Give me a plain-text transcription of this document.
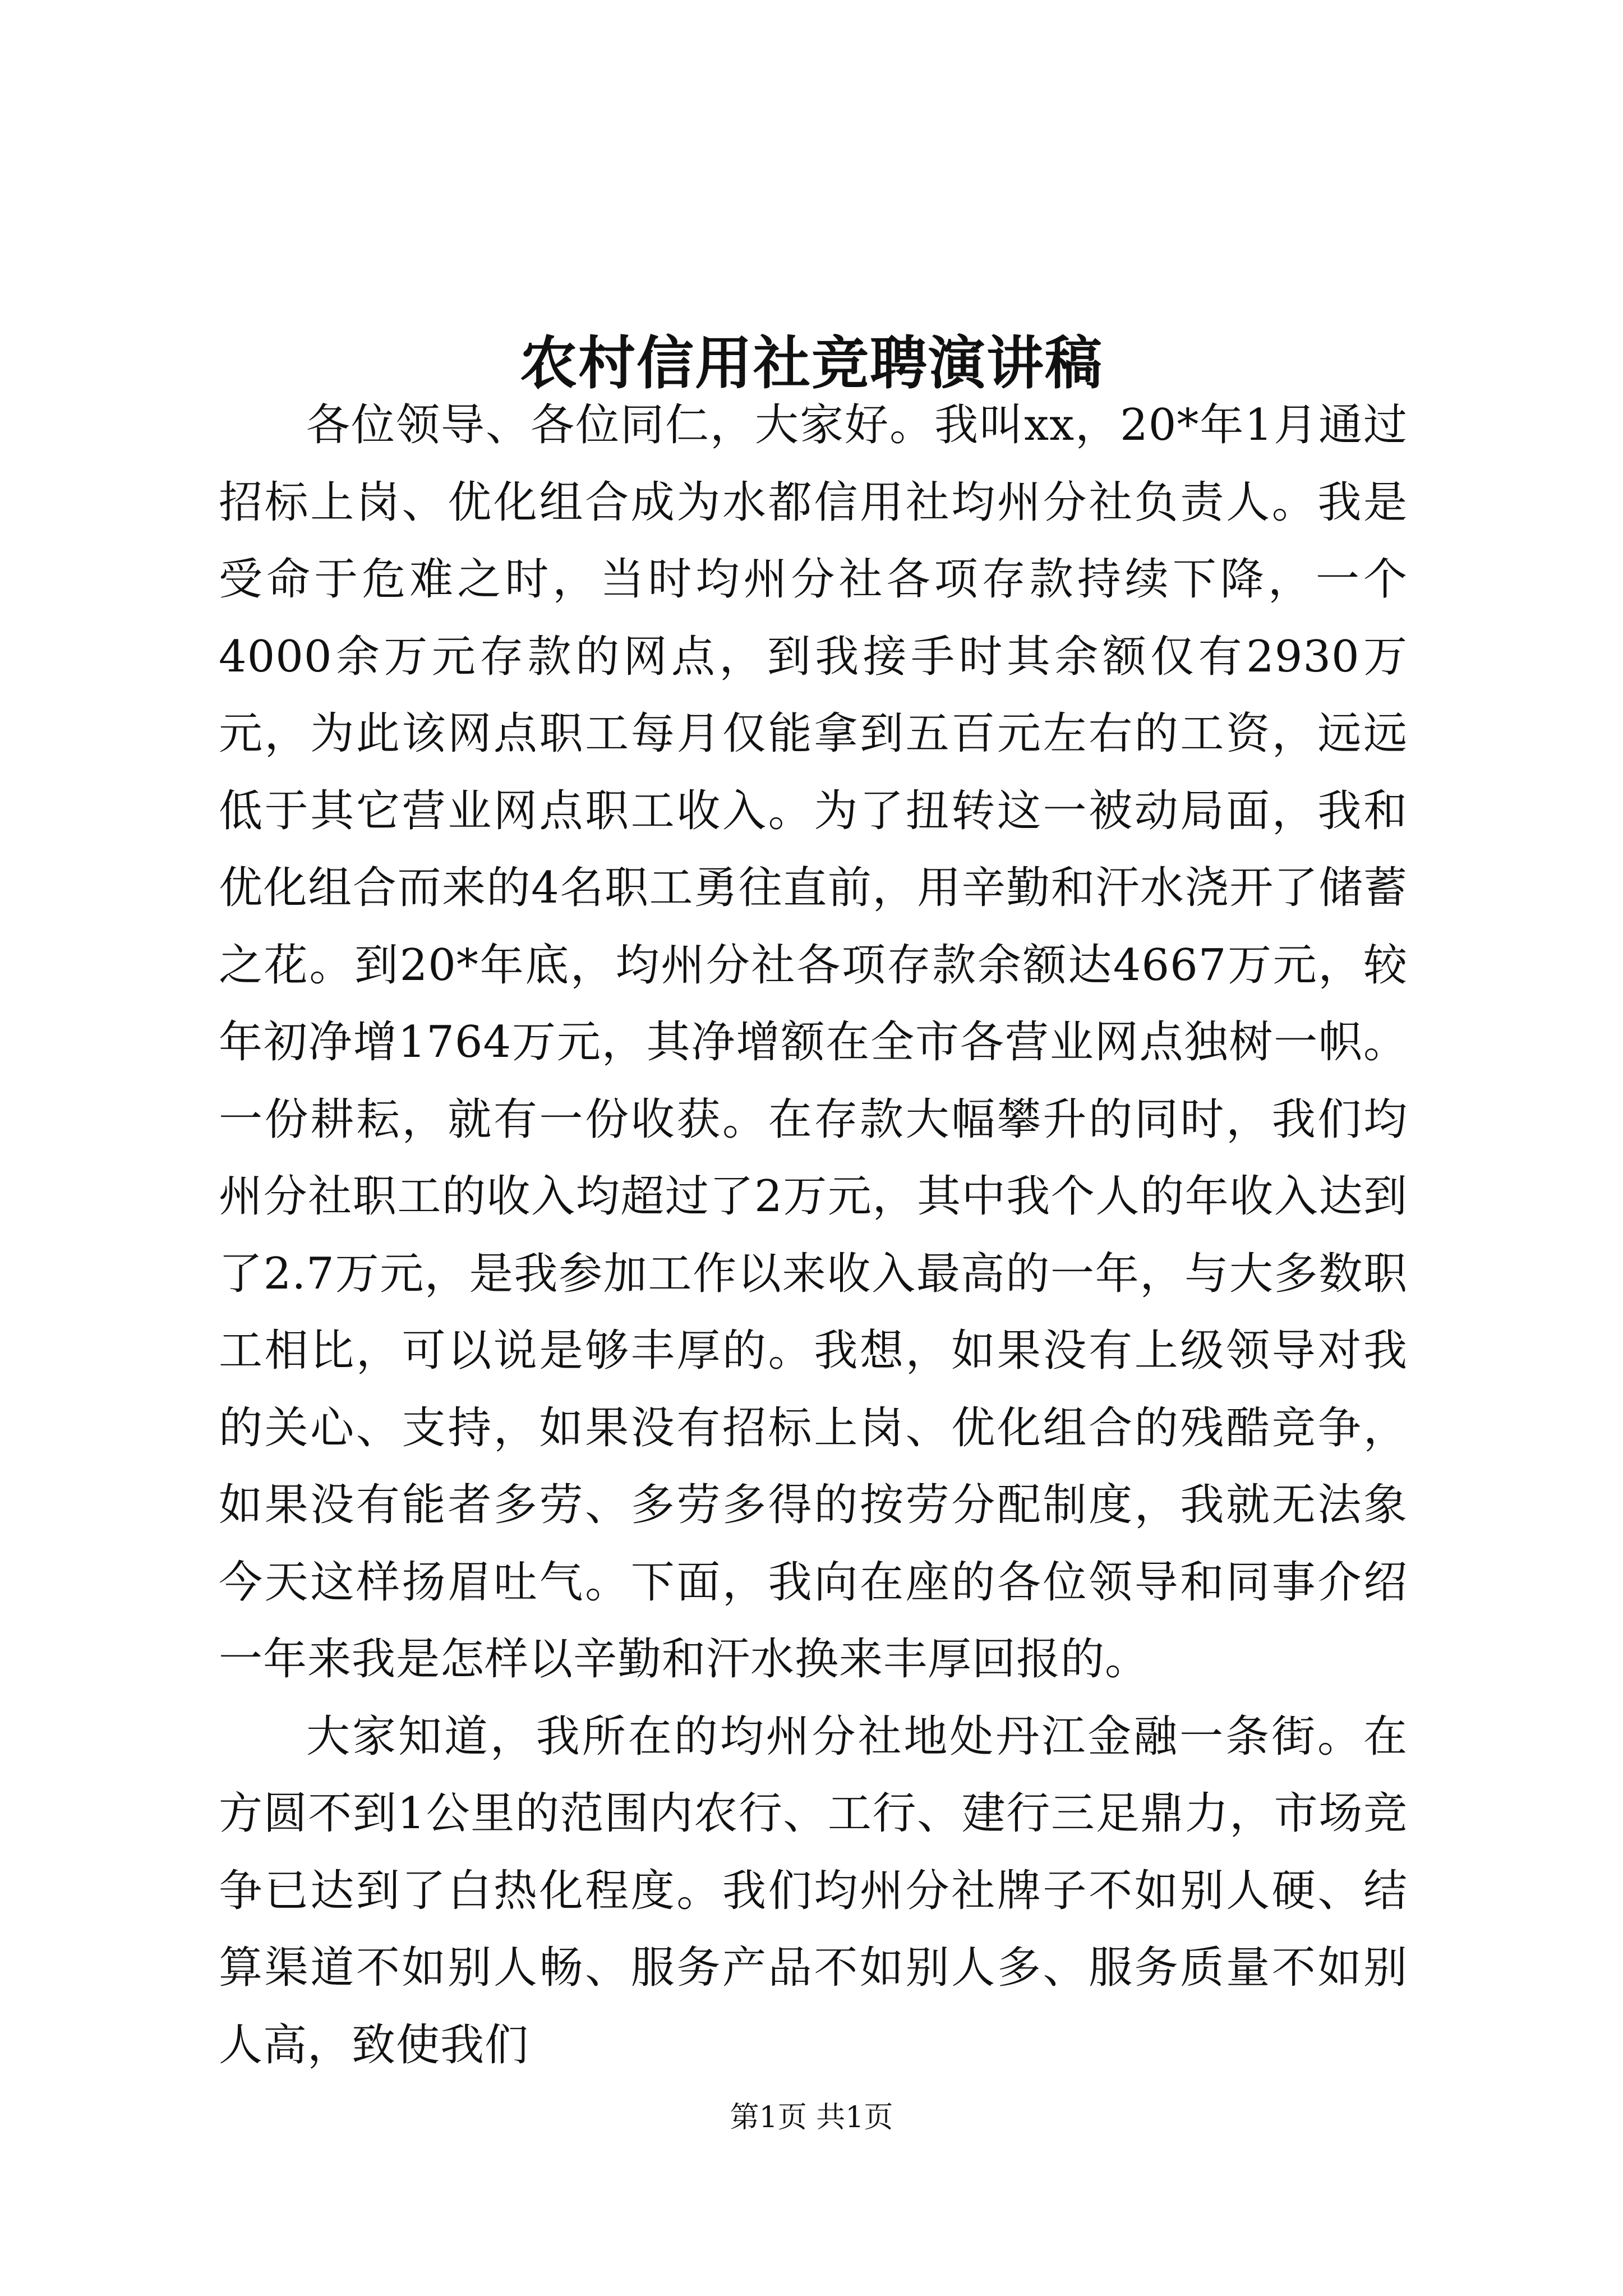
农村信用社竞聘演讲稿

各位领导、各位同仁，大家好。我叫xx，20*年1月通过招标上岗、优化组合成为水都信用社均州分社负责人。我是受命于危难之时，当时均州分社各项存款持续下降，一个4000余万元存款的网点，到我接手时其余额仅有2930万元，为此该网点职工每月仅能拿到五百元左右的工资，远远低于其它营业网点职工收入。为了扭转这一被动局面，我和优化组合而来的4名职工勇往直前，用辛勤和汗水浇开了储蓄之花。到20*年底，均州分社各项存款余额达4667万元，较年初净增1764万元，其净增额在全市各营业网点独树一帜。一份耕耘，就有一份收获。在存款大幅攀升的同时，我们均州分社职工的收入均超过了2万元，其中我个人的年收入达到了2.7万元，是我参加工作以来收入最高的一年，与大多数职工相比，可以说是够丰厚的。我想，如果没有上级领导对我的关心、支持，如果没有招标上岗、优化组合的残酷竞争，如果没有能者多劳、多劳多得的按劳分配制度，我就无法象今天这样扬眉吐气。下面，我向在座的各位领导和同事介绍一年来我是怎样以辛勤和汗水换来丰厚回报的。

大家知道，我所在的均州分社地处丹江金融一条街。在方圆不到1公里的范围内农行、工行、建行三足鼎力，市场竞争已达到了白热化程度。我们均州分社牌子不如别人硬、结算渠道不如别人畅、服务产品不如别人多、服务质量不如别人高，致使我们

第1页 共1页
